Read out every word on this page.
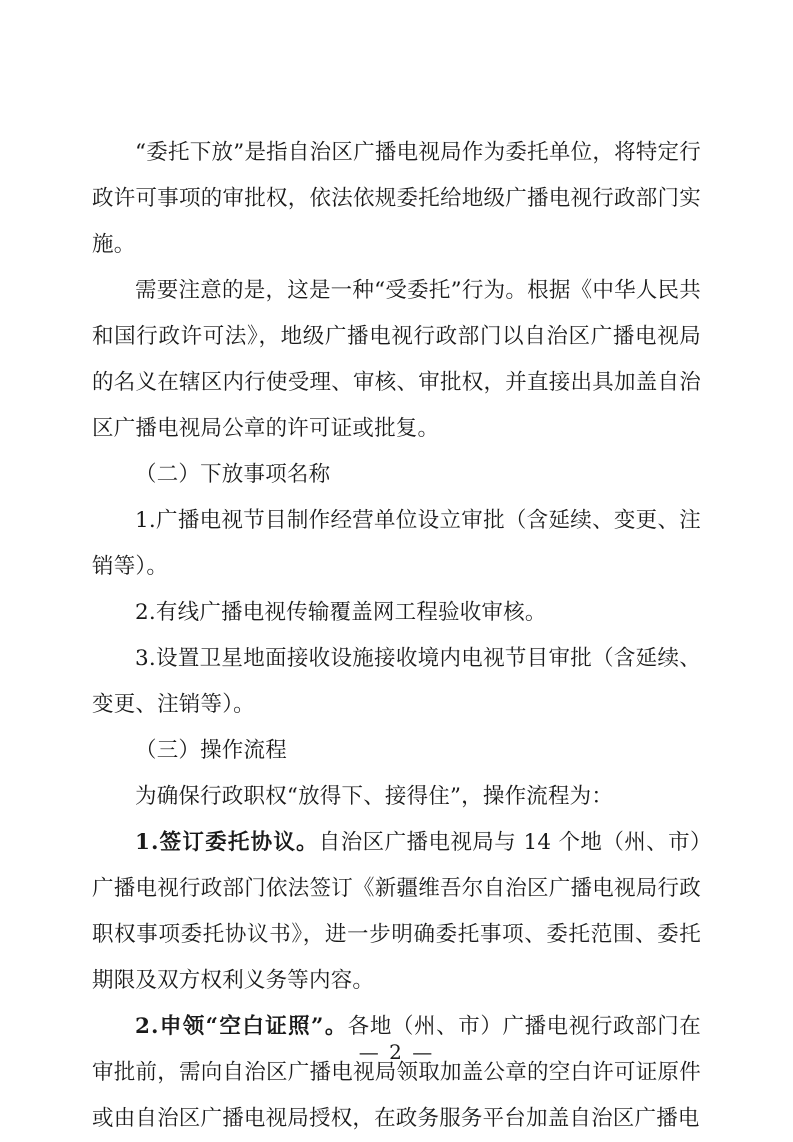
“委托下放”是指自治区广播电视局作为委托单位，将特定行政许可事项的审批权，依法依规委托给地级广播电视行政部门实施。

需要注意的是，这是一种“受委托”行为。根据《中华人民共和国行政许可法》，地级广播电视行政部门以自治区广播电视局的名义在辖区内行使受理、审核、审批权，并直接出具加盖自治区广播电视局公章的许可证或批复。

（二）下放事项名称

1.广播电视节目制作经营单位设立审批（含延续、变更、注销等）。

2.有线广播电视传输覆盖网工程验收审核。

3.设置卫星地面接收设施接收境内电视节目审批（含延续、变更、注销等）。

（三）操作流程

为确保行政职权“放得下、接得住”，操作流程为：

1.签订委托协议。自治区广播电视局与 14 个地（州、市）广播电视行政部门依法签订《新疆维吾尔自治区广播电视局行政职权事项委托协议书》，进一步明确委托事项、委托范围、委托期限及双方权利义务等内容。

2.申领“空白证照”。各地（州、市）广播电视行政部门在审批前，需向自治区广播电视局领取加盖公章的空白许可证原件或由自治区广播电视局授权，在政务服务平台加盖自治区广播电

— 2 —
